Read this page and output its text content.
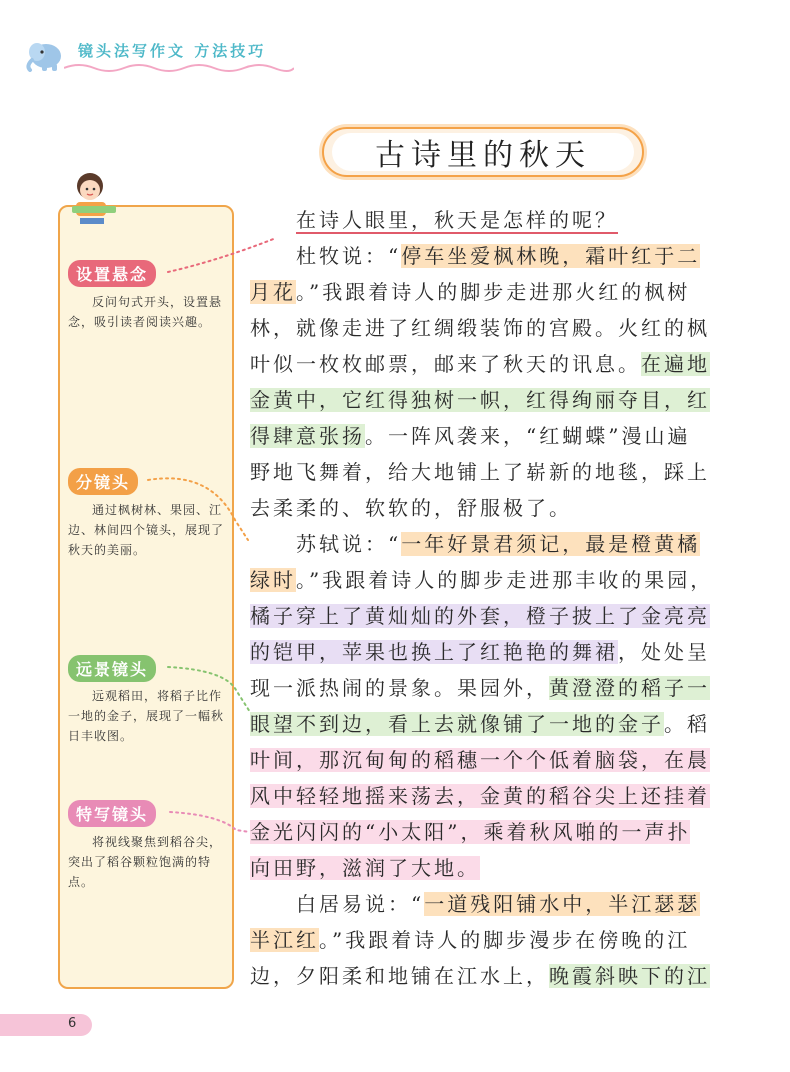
镜头法写作文 方法技巧
古诗里的秋天
设置悬念
反问句式开头，设置悬念，吸引读者阅读兴趣。
分镜头
通过枫树林、果园、江边、林间四个镜头，展现了秋天的美丽。
远景镜头
远观稻田，将稻子比作一地的金子，展现了一幅秋日丰收图。
特写镜头
将视线聚焦到稻谷尖，突出了稻谷颗粒饱满的特点。
　　在诗人眼里，秋天是怎样的呢？
　　杜牧说：“停车坐爱枫林晚，霜叶红于二
月花。”我跟着诗人的脚步走进那火红的枫树
林，就像走进了红绸缎装饰的宫殿。火红的枫
叶似一枚枚邮票，邮来了秋天的讯息。在遍地
金黄中，它红得独树一帜，红得绚丽夺目，红
得肆意张扬。一阵风袭来，“红蝴蝶”漫山遍
野地飞舞着，给大地铺上了崭新的地毯，踩上
去柔柔的、软软的，舒服极了。
　　苏轼说：“一年好景君须记，最是橙黄橘
绿时。”我跟着诗人的脚步走进那丰收的果园，
橘子穿上了黄灿灿的外套，橙子披上了金亮亮
的铠甲，苹果也换上了红艳艳的舞裙，处处呈
现一派热闹的景象。果园外，黄澄澄的稻子一
眼望不到边，看上去就像铺了一地的金子。稻
叶间，那沉甸甸的稻穗一个个低着脑袋，在晨
风中轻轻地摇来荡去，金黄的稻谷尖上还挂着
金光闪闪的“小太阳”，乘着秋风啪的一声扑
向田野，滋润了大地。
　　白居易说：“一道残阳铺水中，半江瑟瑟
半江红。”我跟着诗人的脚步漫步在傍晚的江
边，夕阳柔和地铺在江水上，晚霞斜映下的江
6
